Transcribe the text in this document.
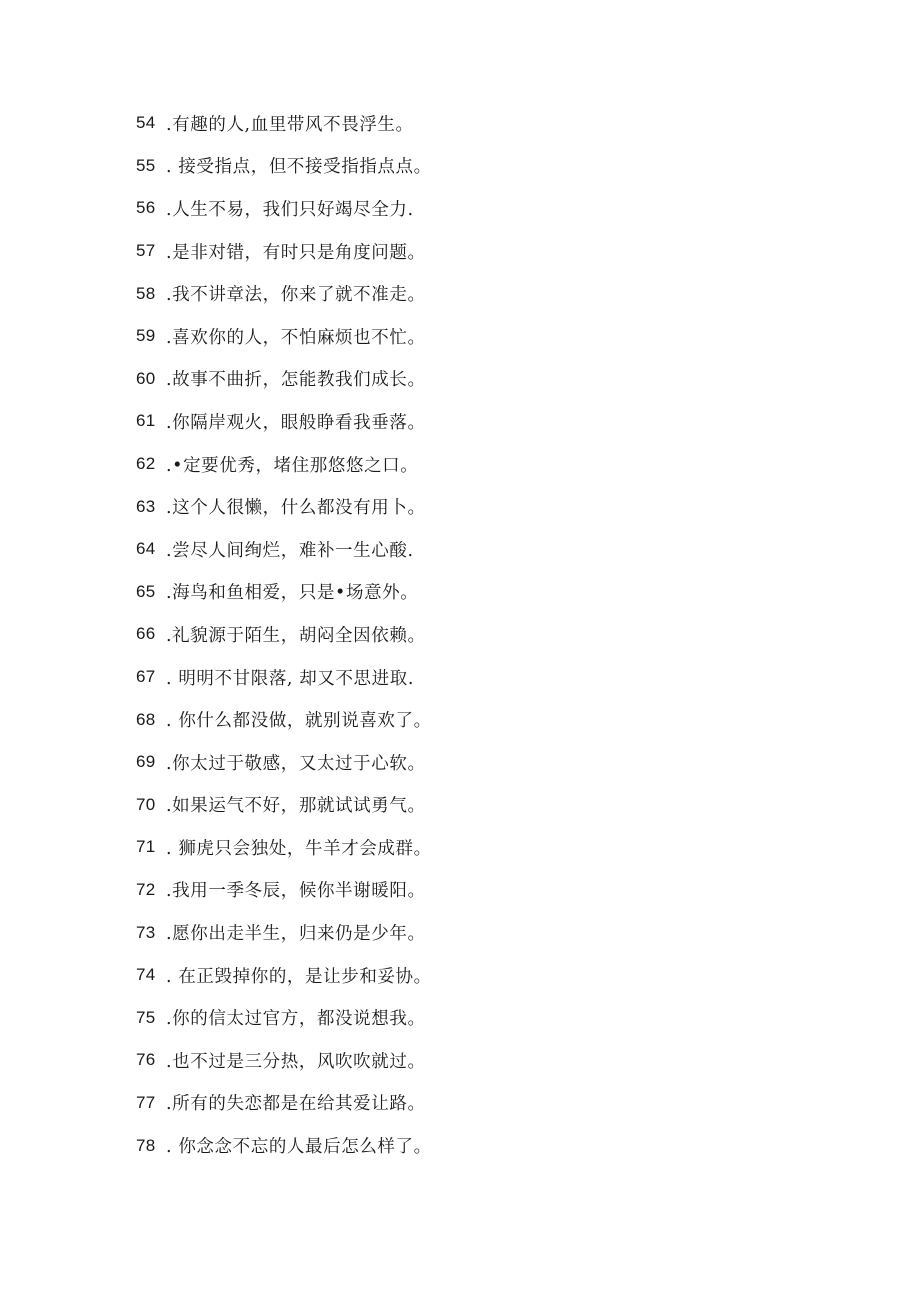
54 .有趣的人,血里带风不畏浮生。
55 . 接受指点，但不接受指指点点。
56 .人生不易，我们只好竭尽全力.
57 .是非对错，有时只是角度问题。
58 .我不讲章法，你来了就不准走。
59 .喜欢你的人，不怕麻烦也不忙。
60 .故事不曲折，怎能教我们成长。
61 .你隔岸观火，眼般睁看我垂落。
62 .•定要优秀，堵住那悠悠之口。
63 .这个人很懒，什么都没有用卜。
64 .尝尽人间绚烂，难补一生心酸.
65 .海鸟和鱼相爱，只是•场意外。
66 .礼貌源于陌生，胡闷全因依赖。
67 . 明明不甘限落, 却又不思进取.
68 . 你什么都没做，就别说喜欢了。
69 .你太过于敬感，又太过于心软。
70 .如果运气不好，那就试试勇气。
71 . 狮虎只会独处，牛羊才会成群。
72 .我用一季冬辰，候你半谢暖阳。
73 .愿你出走半生，归来仍是少年。
74 . 在正毁掉你的，是让步和妥协。
75 .你的信太过官方，都没说想我。
76 .也不过是三分热，风吹吹就过。
77 .所有的失恋都是在给其爱让路。
78 . 你念念不忘的人最后怎么样了。
